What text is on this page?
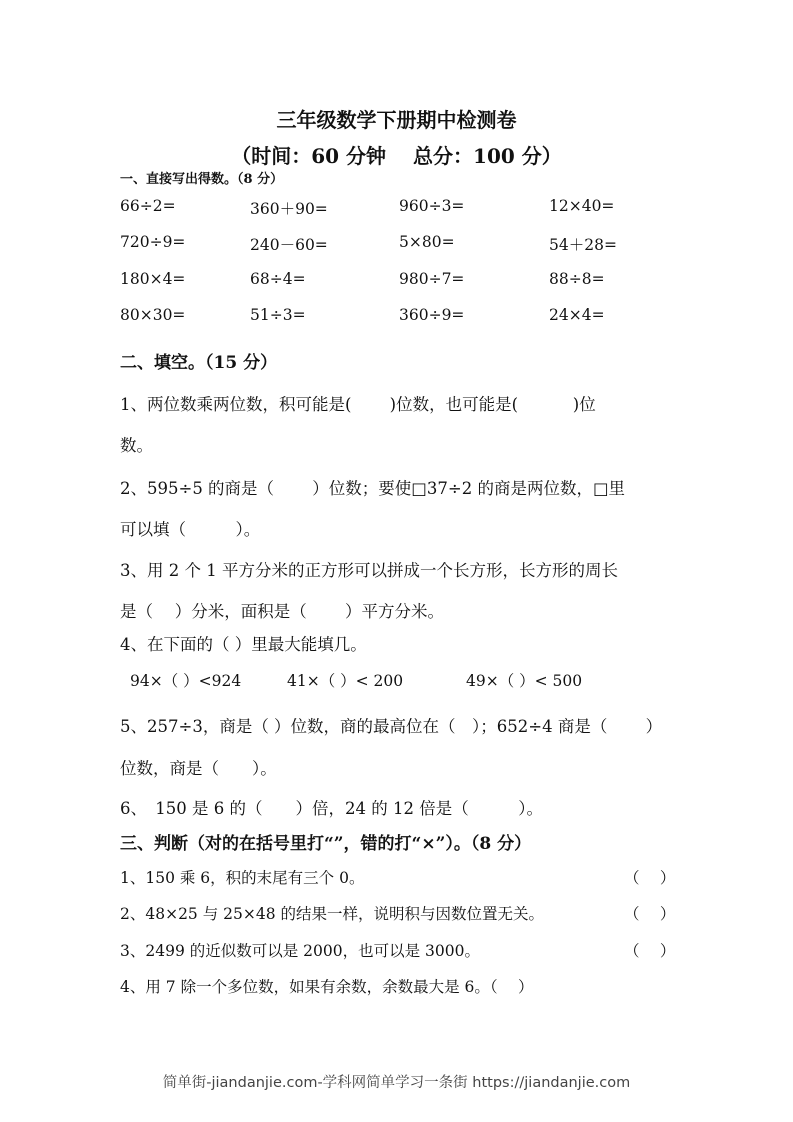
三年级数学下册期中检测卷
（时间：60 分钟　 总分：100 分）
一、直接写出得数。（8 分）
66÷2=	360＋90=	960÷3=	12×40=
720÷9=	240－60=	5×80=	54＋28=
180×4=	68÷4=	980÷7=	88÷8=
80×30=	51÷3=	360÷9=	24×4=
二、填空。（15 分）
1、两位数乘两位数，积可能是(　　 )位数，也可能是(　　　 )位
数。
2、595÷5 的商是（　　 ）位数；要使□37÷2 的商是两位数，□里
可以填（　　　）。
3、用 2 个 1 平方分米的正方形可以拼成一个长方形，长方形的周长
是（　 ）分米，面积是（　　 ）平方分米。
4、在下面的（ ）里最大能填几。
94×（ ）<924	41×（ ）< 200	49×（ ）< 500
5、257÷3，商是（ ）位数，商的最高位在（　）；652÷4 商是（　　 ）
位数，商是（　　）。
6、　150 是 6 的（　　）倍，24 的 12 倍是（　　　）。
三、判断（对的在括号里打“”，错的打“×”）。（8 分）
1、150 乘 6，积的末尾有三个 0。	（　 ）
2、48×25 与 25×48 的结果一样，说明积与因数位置无关。	（　 ）
3、2499 的近似数可以是 2000，也可以是 3000。	（　 ）
4、用 7 除一个多位数，如果有余数，余数最大是 6。（　 ）
简单街-jiandanjie.com-学科网简单学习一条街 https://jiandanjie.com
